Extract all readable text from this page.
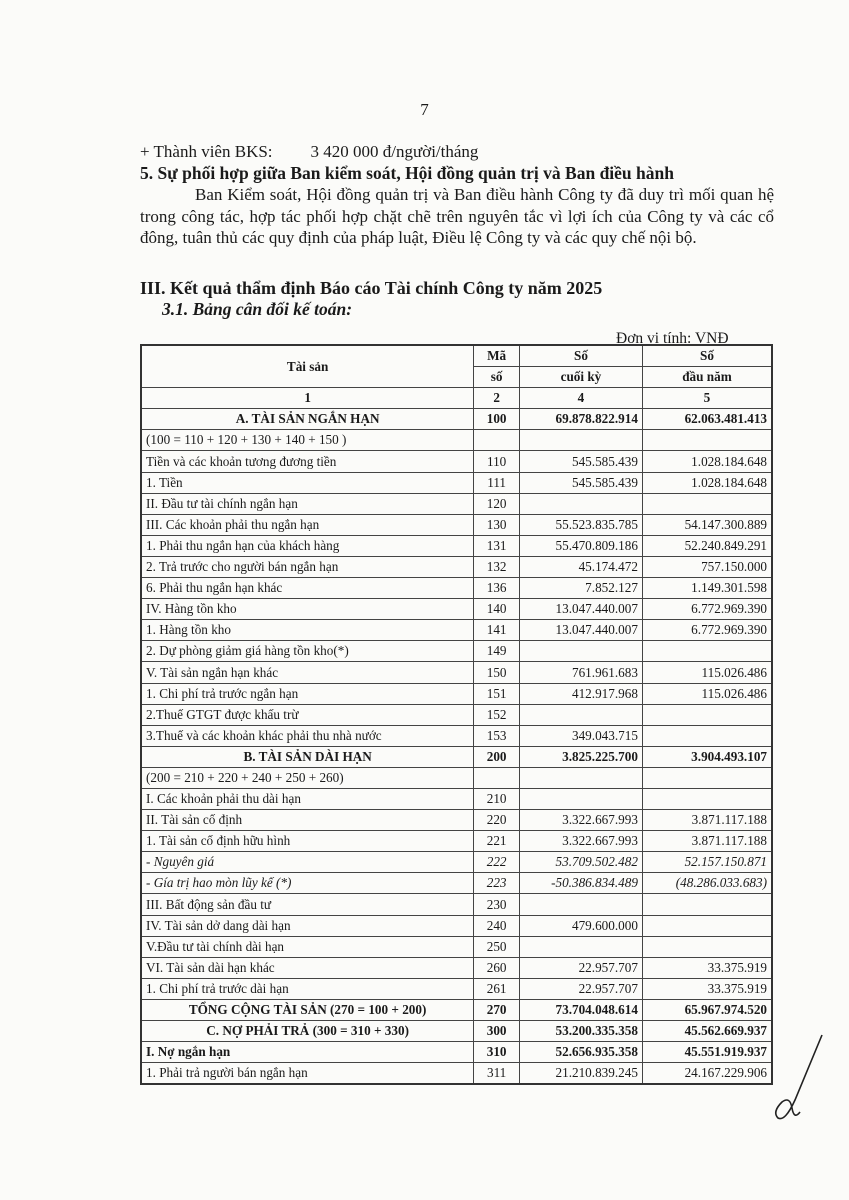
7
+ Thành viên BKS: 3 420 000 đ/người/tháng
5. Sự phối hợp giữa Ban kiểm soát, Hội đồng quản trị và Ban điều hành
Ban Kiểm soát, Hội đồng quản trị và Ban điều hành Công ty đã duy trì mối quan hệ trong công tác, hợp tác phối hợp chặt chẽ trên nguyên tắc vì lợi ích của Công ty và các cổ đông, tuân thủ các quy định của pháp luật, Điều lệ Công ty và các quy chế nội bộ.
III. Kết quả thẩm định Báo cáo Tài chính Công ty năm 2025
3.1. Bảng cân đối kế toán:
Đơn vị tính: VNĐ
Tài sản	Mã	Số	Số
	số	cuối kỳ	đầu năm
1	2	4	5
A. TÀI SẢN NGẮN HẠN	100	69.878.822.914	62.063.481.413
(100 = 110 + 120 + 130 + 140 + 150 )			
Tiền và các khoản tương đương tiền	110	545.585.439	1.028.184.648
1. Tiền	111	545.585.439	1.028.184.648
II. Đầu tư tài chính ngắn hạn	120		
III. Các khoản phải thu ngắn hạn	130	55.523.835.785	54.147.300.889
1. Phải thu ngắn hạn của khách hàng	131	55.470.809.186	52.240.849.291
2. Trả trước cho người bán ngắn hạn	132	45.174.472	757.150.000
6. Phải thu ngắn hạn khác	136	7.852.127	1.149.301.598
IV. Hàng tồn kho	140	13.047.440.007	6.772.969.390
1. Hàng tồn kho	141	13.047.440.007	6.772.969.390
2. Dự phòng giảm giá hàng tồn kho(*)	149		
V. Tài sản ngắn hạn khác	150	761.961.683	115.026.486
1. Chi phí trả trước ngắn hạn	151	412.917.968	115.026.486
2.Thuế GTGT được khấu trừ	152		
3.Thuế và các khoản khác phải thu nhà nước	153	349.043.715	
B. TÀI SẢN DÀI HẠN	200	3.825.225.700	3.904.493.107
(200 = 210 + 220 + 240 + 250 + 260)			
I. Các khoản phải thu dài hạn	210		
II. Tài sản cố định	220	3.322.667.993	3.871.117.188
1. Tài sản cố định hữu hình	221	3.322.667.993	3.871.117.188
- Nguyên giá	222	53.709.502.482	52.157.150.871
- Gía trị hao mòn lũy kế (*)	223	-50.386.834.489	(48.286.033.683)
III. Bất động sản đầu tư	230		
IV. Tài sản dở dang dài hạn	240	479.600.000	
V.Đầu tư tài chính dài hạn	250		
VI. Tài sản dài hạn khác	260	22.957.707	33.375.919
1. Chi phí trả trước dài hạn	261	22.957.707	33.375.919
TỔNG CỘNG TÀI SẢN (270 = 100 + 200)	270	73.704.048.614	65.967.974.520
C. NỢ PHẢI TRẢ (300 = 310 + 330)	300	53.200.335.358	45.562.669.937
I. Nợ ngắn hạn	310	52.656.935.358	45.551.919.937
1. Phải trả người bán ngắn hạn	311	21.210.839.245	24.167.229.906
